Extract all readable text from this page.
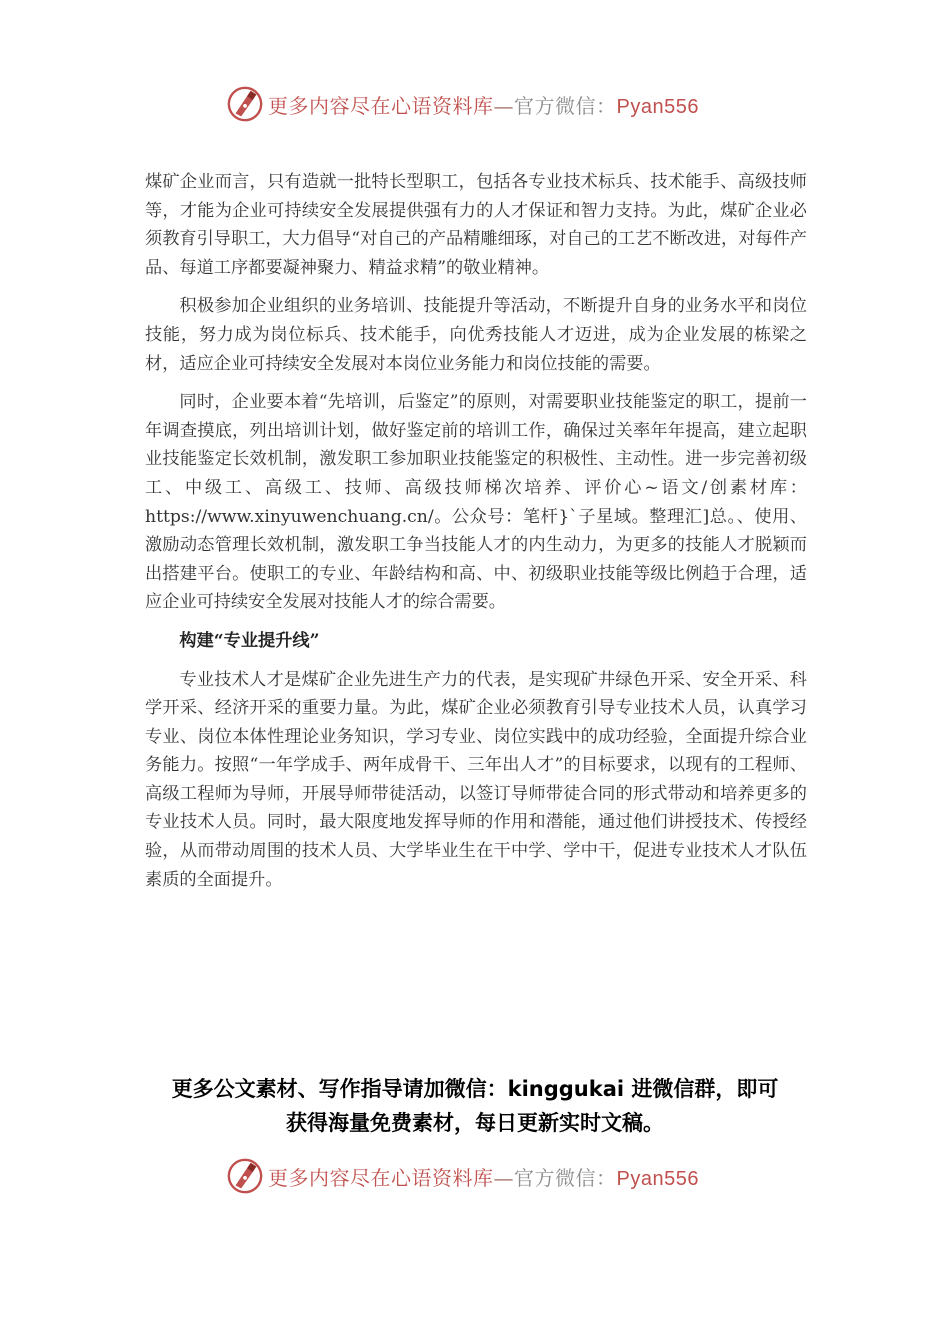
更多内容尽在心语资料库—官方微信：Pyan556

煤矿企业而言，只有造就一批特长型职工，包括各专业技术标兵、技术能手、高级技师等，才能为企业可持续安全发展提供强有力的人才保证和智力支持。为此，煤矿企业必须教育引导职工，大力倡导“对自己的产品精雕细琢，对自己的工艺不断改进，对每件产品、每道工序都要凝神聚力、精益求精”的敬业精神。

积极参加企业组织的业务培训、技能提升等活动，不断提升自身的业务水平和岗位技能，努力成为岗位标兵、技术能手，向优秀技能人才迈进，成为企业发展的栋梁之材，适应企业可持续安全发展对本岗位业务能力和岗位技能的需要。

同时，企业要本着“先培训，后鉴定”的原则，对需要职业技能鉴定的职工，提前一年调查摸底，列出培训计划，做好鉴定前的培训工作，确保过关率年年提高，建立起职业技能鉴定长效机制，激发职工参加职业技能鉴定的积极性、主动性。进一步完善初级工、中级工、高级工、技师、高级技师梯次培养、评价心~语文/创素材库：https://www.xinyuwenchuang.cn/。公众号：笔杆}`子星域。整理汇]总。、使用、激励动态管理长效机制，激发职工争当技能人才的内生动力，为更多的技能人才脱颖而出搭建平台。使职工的专业、年龄结构和高、中、初级职业技能等级比例趋于合理，适应企业可持续安全发展对技能人才的综合需要。

构建“专业提升线”

专业技术人才是煤矿企业先进生产力的代表，是实现矿井绿色开采、安全开采、科学开采、经济开采的重要力量。为此，煤矿企业必须教育引导专业技术人员，认真学习专业、岗位本体性理论业务知识，学习专业、岗位实践中的成功经验，全面提升综合业务能力。按照“一年学成手、两年成骨干、三年出人才”的目标要求，以现有的工程师、高级工程师为导师，开展导师带徒活动，以签订导师带徒合同的形式带动和培养更多的专业技术人员。同时，最大限度地发挥导师的作用和潜能，通过他们讲授技术、传授经验，从而带动周围的技术人员、大学毕业生在干中学、学中干，促进专业技术人才队伍素质的全面提升。

更多公文素材、写作指导请加微信：kinggukai 进微信群，即可
获得海量免费素材，每日更新实时文稿。
更多内容尽在心语资料库—官方微信：Pyan556
